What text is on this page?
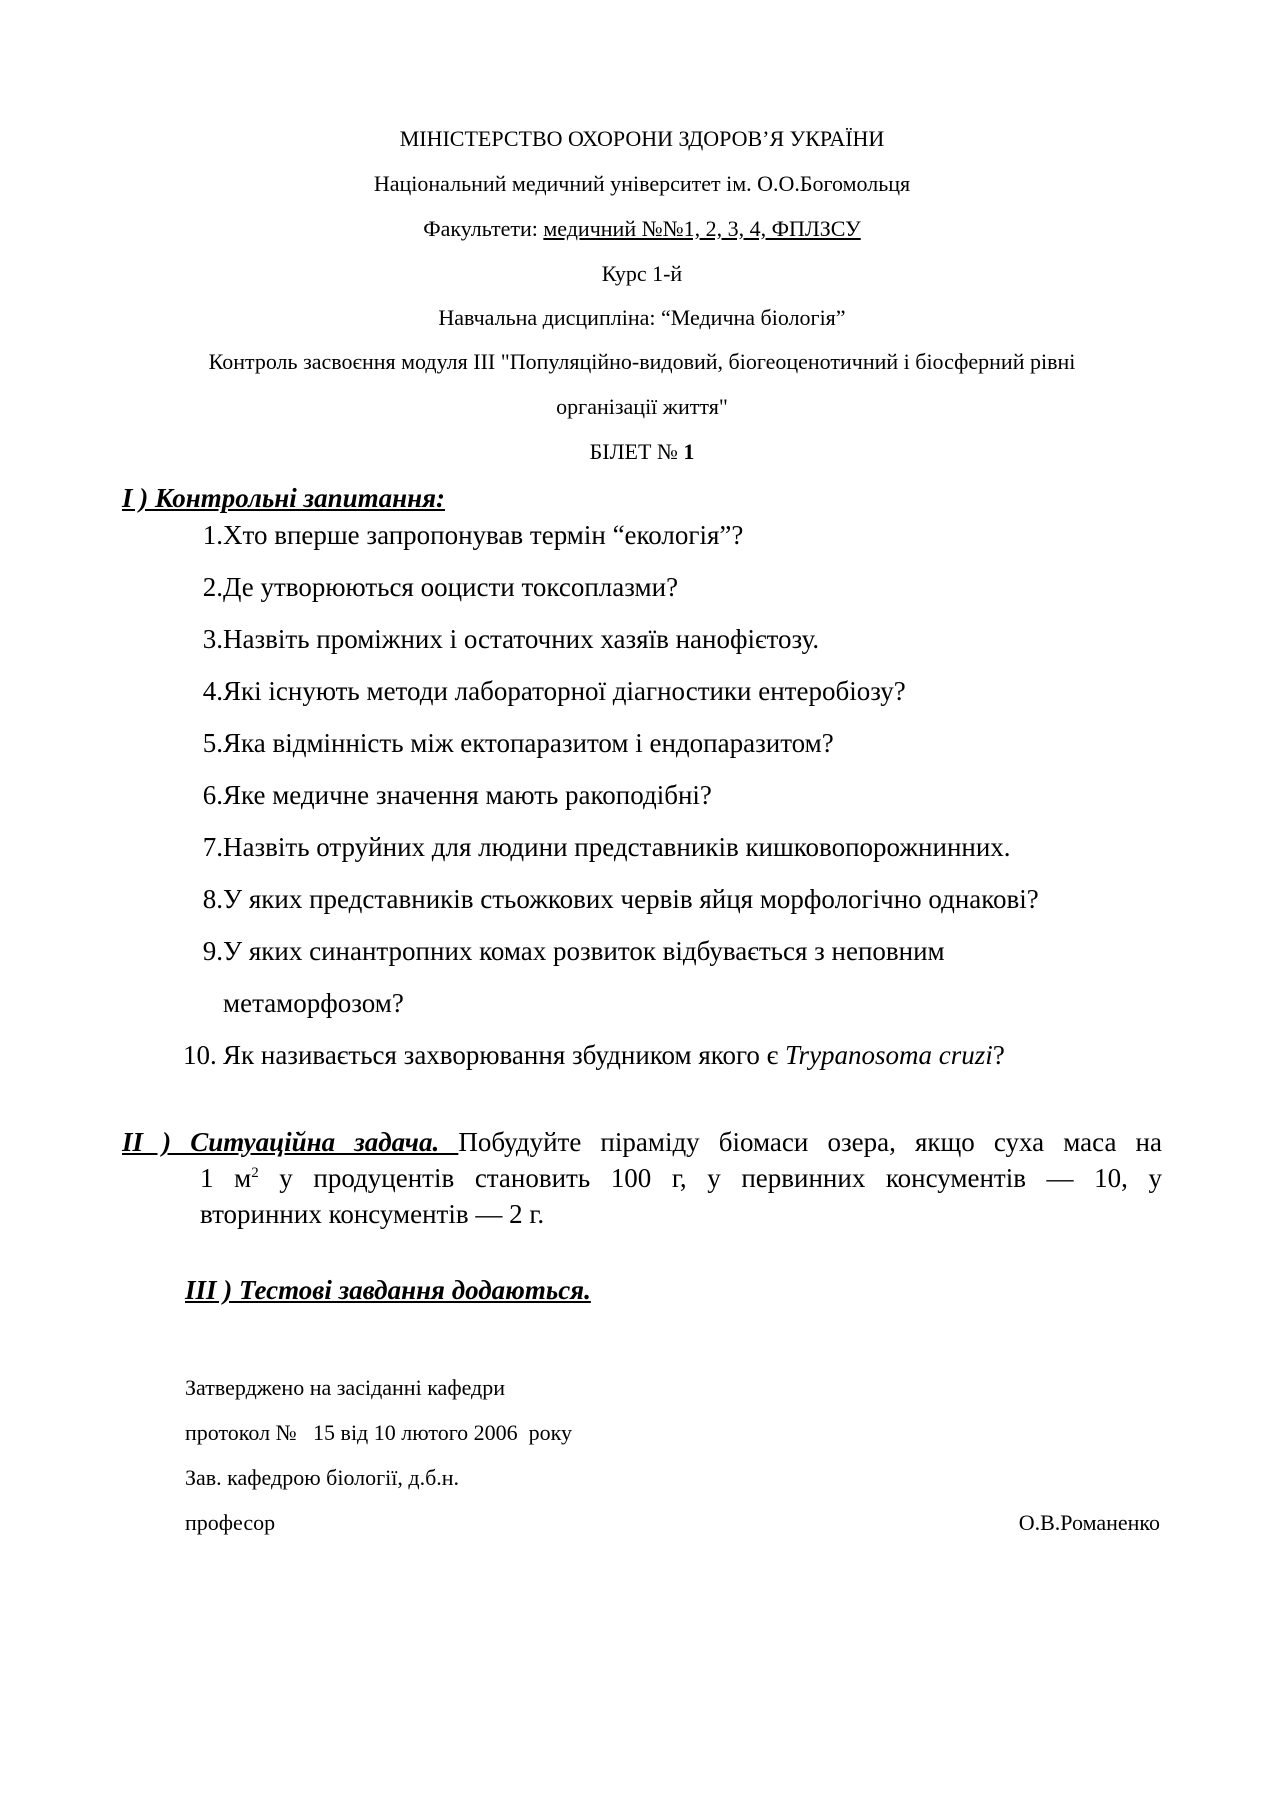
МІНІСТЕРСТВО ОХОРОНИ ЗДОРОВ’Я УКРАЇНИ
Національний медичний університет ім. О.О.Богомольця
Факультети: медичний №№1, 2, 3, 4, ФПЛЗСУ
Курс 1-й
Навчальна дисципліна: “Медична біологія”
Контроль засвоєння модуля ІІІ "Популяційно-видовий, біогеоценотичний і біосферний рівні
організації життя"
БІЛЕТ № 1
І ) Контрольні запитання:
1. Хто вперше запропонував термін “екологія”?
2. Де утворюються ооцисти токсоплазми?
3. Назвіть проміжних і остаточних хазяїв нанофієтозу.
4. Які існують методи лабораторної діагностики ентеробіозу?
5. Яка відмінність між ектопаразитом і ендопаразитом?
6. Яке медичне значення мають ракоподібні?
7. Назвіть отруйних для людини представників кишковопорожнинних.
8. У яких представників стьожкових червів яйця морфологічно однакові?
9. У яких синантропних комах розвиток відбувається з неповним
метаморфозом?
10. Як називається захворювання збудником якого є Trypanosoma cruzi?
ІІ ) Ситуаційна задача. Побудуйте піраміду біомаси озера, якщо суха маса на
1 $м^2$ у продуцентів становить 100 г, у первинних консументів — 10, у
вторинних консументів — 2 г.
ІІІ ) Тестові завдання додаються.
Затверджено на засіданні кафедри
протокол №   15 від 10 лютого 2006  року
Зав. кафедрою біології, д.б.н.
професор	О.В.Романенко
